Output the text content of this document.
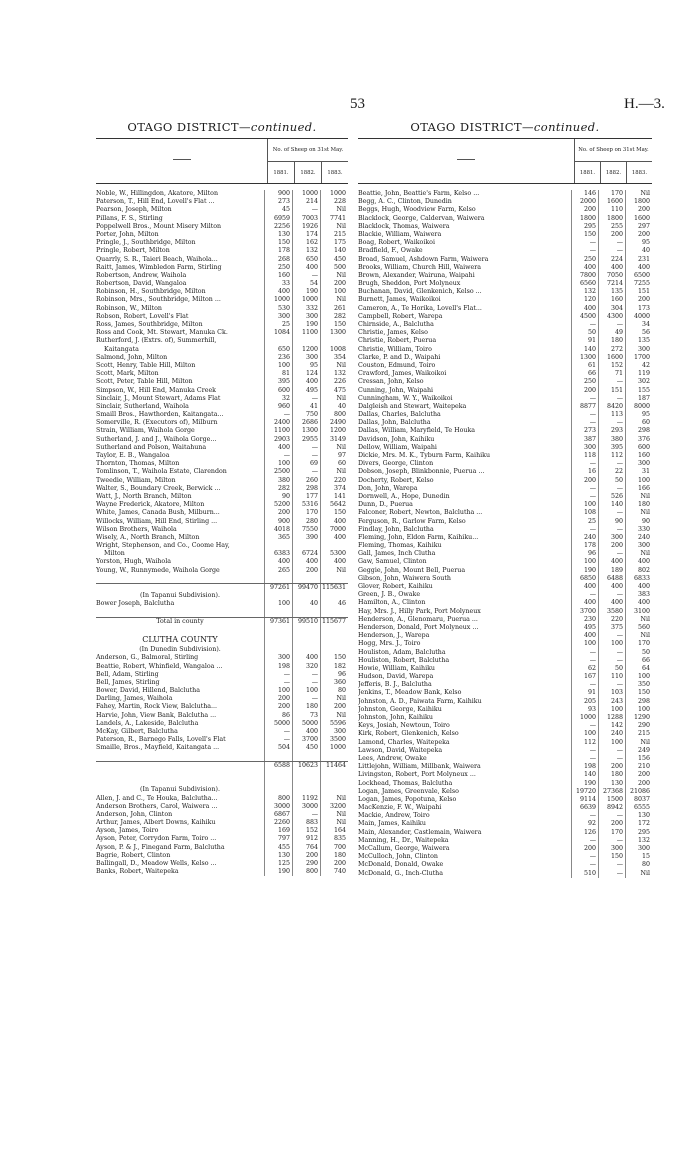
53	H.—3.
OTAGO DISTRICT—continued.
No. of Sheep on 31st May.
1881.	1882.	1883.
Noble, W., Hillingdon, Akatore, Milton	900	1000	1000
Paterson, T., Hill End, Lovell's Flat ...	273	214	228
Pearson, Joseph, Milton	45	—	Nil
Pillans, F. S., Stirling	6959	7003	7741
Poppelwell Bros., Mount Misery Milton	2256	1926	Nil
Porter, John, Milton	130	174	215
Pringle, J., Southbridge, Milton	150	162	175
Pringle, Robert, Milton	178	132	140
Quarrly, S. R., Taieri Beach, Waihola...	268	650	450
Raitt, James, Wimbledon Farm, Stirling	250	400	500
Robertson, Andrew, Waihola	160	—	Nil
Robertson, David, Wangaloa	33	54	200
Robinson, H., Southbridge, Milton	400	190	100
Robinson, Mrs., Southbridge, Milton ...	1000	1000	Nil
Robinson, W., Milton	530	332	261
Robson, Robert, Lovell's Flat	300	300	282
Ross, James, Southbridge, Milton	25	190	150
Ross and Cook, Mt. Stewart, Manuka Ck.	1084	1100	1300
Rutherford, J. (Extrs. of), Summerhill,
Kaitangata	650	1200	1008
Salmond, John, Milton	236	300	354
Scott, Henry, Table Hill, Milton	100	95	Nil
Scott, Mark, Milton	81	124	132
Scott, Peter, Table Hill, Milton	395	400	226
Simpson, W., Hill End, Manuka Creek	600	495	475
Sinclair, J., Mount Stewart, Adams Flat	32	—	Nil
Sinclair, Sutherland, Waihola	960	41	40
Smaill Bros., Hawthorden, Kaitangata...	—	750	800
Somerville, R. (Executors of), Milburn	2400	2686	2490
Strain, William, Waihola Gorge	1100	1300	1200
Sutherland, J. and J., Waihola Gorge...	2903	2955	3149
Sutherland and Polson, Waitahuna	400	—	Nil
Taylor, E. B., Wangaloa	—	—	97
Thornton, Thomas, Milton	100	69	60
Tomlinson, T., Waihola Estate, Clarendon	2500	—	Nil
Tweedie, William, Milton	380	260	220
Walter, S., Boundary Creek, Berwick ...	282	298	374
Watt, J., North Branch, Milton	90	177	141
Wayne Frederick, Akatore, Milton	5200	5316	5642
White, James, Canada Bush, Milburn...	200	170	150
Willocks, William, Hill End, Stirling ...	900	280	400
Wilson Brothers, Waihola	4018	7550	7000
Wisely, A., North Branch, Milton	365	390	400
Wright, Stephenson, and Co., Coome Hay,
Milton	6383	6724	5300
Yorston, Hugh, Waihola	400	400	400
Young, W., Runnymede, Waihola Gorge	265	200	Nil
97261	99470 115631
(In Tapanui Subdivision).
Bower Joseph, Balclutha	100	40	46
Total in county	97361	99510 115677
CLUTHA COUNTY
(In Dunedin Subdivision).
Anderson, G., Balmoral, Stirling	300	400	150
Beattie, Robert, Whinfield, Wangaloa ...	198	320	182
Bell, Adam, Stirling	—	—	96
Bell, James, Stirling	—	—	360
Bower, David, Hillend, Balclutha	100	100	80
Darling, James, Waihola	200	—	Nil
Fahey, Martin, Rock View, Balclutha...	200	180	200
Harvie, John, View Bank, Balclutha ...	86	73	Nil
Landels, A., Lakeside, Balclutha	5000	5000	5596
McKay, Gilbert, Balclutha	—	400	300
Paterson, R., Barnego Falls, Lovell's Flat	—	3700	3500
Smaille, Bros., Mayfield, Kaitangata ...	504	450	1000
6588	10623	11464
(In Tapanui Subdivision).
Allen, J. and C., Te Houka, Balclutha...	800	1192	Nil
Anderson Brothers, Carol, Waiwera ...	3000	3000	3200
Anderson, John, Clinton	6867	—	Nil
Arthur, James, Albert Downs, Kaihiku	2260	883	Nil
Ayson, James, Toiro	169	152	164
Ayson, Peter, Corrydon Farm, Toiro ...	797	912	835
Ayson, P. & J., Finegand Farm, Balclutha	455	764	700
Bagrie, Robert, Clinton	130	200	180
Ballingall, D., Meadow Wells, Kelso ...	125	290	200
Banks, Robert, Waitepeka	190	800	740
OTAGO DISTRICT—continued.
No. of Sheep on 31st May.
1881.	1882.	1883.
Beattie, John, Beattie's Farm, Kelso ...	146	170	Nil
Begg, A. C., Clinton, Dunedin	2000	1600	1800
Beggs, Hugh, Woodview Farm, Kelso	200	110	200
Blacklock, George, Caldervan, Waiwera	1800	1800	1600
Blacklock, Thomas, Waiwera	295	255	297
Blackie, William, Waiwera	150	200	200
Boag, Robert, Waikoikoi	—	—	95
Bradfield, F., Owake	—	—	40
Broad, Samuel, Ashdown Farm, Waiwera	250	224	231
Brooks, William, Church Hill, Waiwera	400	400	400
Brown, Alexander, Wairuna, Waipahi	7800	7050	6500
Brugh, Sheddon, Port Molyneux	6560	7214	7255
Buchanan, David, Glenkenich, Kelso ...	132	135	151
Burnett, James, Waikoikoi	120	160	200
Cameron, A., Te Horika, Lovell's Flat...	400	304	173
Campbell, Robert, Warepa	4500	4300	4000
Chirnside, A., Balclutha	—	—	34
Christie, James, Kelso	50	49	56
Christie, Robert, Puerua	91	180	135
Christie, William, Toiro	140	272	300
Clarke, P. and D., Waipahi	1300	1600	1700
Couston, Edmund, Toiro	61	152	42
Crawford, James, Waikoikoi	66	71	119
Cressan, John, Kelso	250	—	302
Cunning, John, Waipahi	200	151	155
Cunningham, W. Y., Waikoikoi	—	—	187
Dalgleish and Stewart, Waitepeka	8877	8420	8000
Dallas, Charles, Balclutha	—	113	95
Dallas, John, Balclutha	—	—	60
Dallas, William, Maryfield, Te Houka	273	293	298
Davidson, John, Kaihiku	387	380	376
Dellow, William, Waipahi	300	395	600
Dickie, Mrs. M. K., Tyburn Farm, Kaihiku	118	112	160
Divers, George, Clinton	—	—	300
Dobson, Joseph, Blinkbonnie, Puerua ...	16	22	31
Docherty, Robert, Kelso	200	50	100
Don, John, Warepa	—	—	166
Dornwell, A., Hope, Dunedin	—	526	Nil
Dunn, D., Puerua	100	140	180
Falconer, Robert, Newton, Balclutha ...	108	—	Nil
Ferguson, R., Garlow Farm, Kelso	25	90	90
Findlay, John, Balclutha	—	—	330
Fleming, John, Eldon Farm, Kaihiku...	240	300	240
Fleming, Thomas, Kaihiku	178	200	300
Gall, James, Inch Clutha	96	—	Nil
Gaw, Samuel, Clinton	100	400	400
Geggie, John, Mount Bell, Puerua	190	189	802
Gibson, John, Waiwera South	6850	6488	6833
Glover, Robert, Kaihiku	400	400	400
Green, J. B., Owake	—	—	383
Hamilton, A., Clinton	400	400	400
Hay, Mrs. J., Hilly Park, Port Molyneux	3700	3580	3100
Henderson, A., Glenomaru, Puerua ...	230	220	Nil
Henderson, Donald, Port Molyneux ...	495	375	560
Henderson, J., Warepa	400	—	Nil
Hogg, Mrs. J., Toiro	100	100	170
Houliston, Adam, Balclutha	—	—	50
Houliston, Robert, Balclutha	—	—	66
Howie, William, Kaihiku	62	50	64
Hudson, David, Warepa	167	110	100
Jefferis, B. J., Balclutha	—	—	350
Jenkins, T., Meadow Bank, Kelso	91	103	150
Johnston, A. D., Paiwata Farm, Kaihiku	205	243	298
Johnston, George, Kaihiku	93	100	100
Johnston, John, Kaihiku	1000	1288	1290
Keys, Josiah, Newtoun, Toiro	—	142	290
Kirk, Robert, Glenkenich, Kelso	100	240	215
Lamond, Charles, Waitepeka	112	100	Nil
Lawson, David, Waitepeka	—	—	249
Lees, Andrew, Owake	—	—	156
Littlejohn, William, Millbank, Waiwera	198	200	210
Livingston, Robert, Port Molyneux ...	140	180	200
Lockhead, Thomas, Balclutha	190	130	200
Logan, James, Greenvale, Kelso	19720	27368	21086
Logan, James, Popotuna, Kelso	9114	1500	8037
MacKenzie, F. W., Waipahi	6639	8942	6555
Mackie, Andrew, Toiro	—	—	130
Main, James, Kaihiku	92	200	172
Main, Alexander, Castlemain, Waiwera	126	170	295
Manning, H., Dr., Waitepeka	—	—	132
McCallum, George, Waiwera	200	300	300
McCulloch, John, Clinton	—	150	15
McDonald, Donald, Owake	—	—	80
McDonald, G., Inch-Clutha	510	—	Nil
